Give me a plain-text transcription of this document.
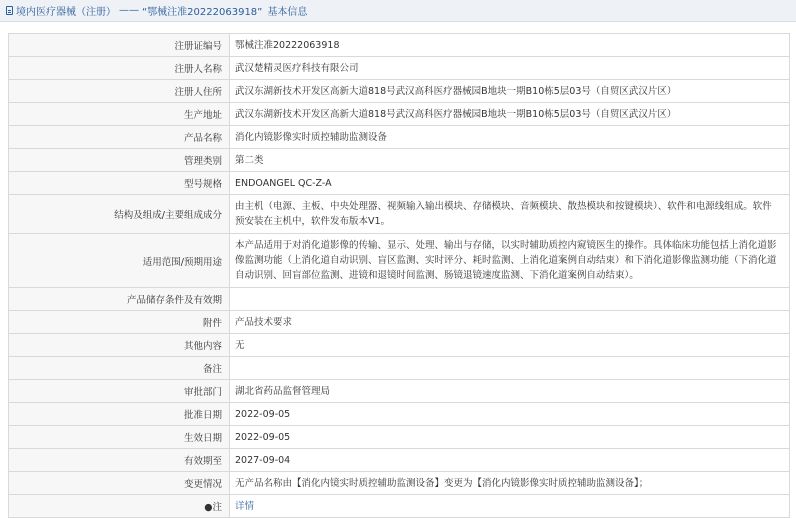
境内医疗器械（注册） —— “鄂械注准20222063918” 基本信息
注册证编号	鄂械注准20222063918
注册人名称	武汉楚精灵医疗科技有限公司
注册人住所	武汉东湖新技术开发区高新大道818号武汉高科医疗器械园B地块一期B10栋5层03号（自贸区武汉片区）
生产地址	武汉东湖新技术开发区高新大道818号武汉高科医疗器械园B地块一期B10栋5层03号（自贸区武汉片区）
产品名称	消化内镜影像实时质控辅助监测设备
管理类别	第二类
型号规格	ENDOANGEL QC-Z-A
结构及组成/主要组成成分	由主机（电源、主板、中央处理器、视频输入输出模块、存储模块、音频模块、散热模块和按键模块）、软件和电源线组成。软件预安装在主机中，软件发布版本V1。
适用范围/预期用途	本产品适用于对消化道影像的传输、显示、处理、输出与存储，以实时辅助质控内窥镜医生的操作。具体临床功能包括上消化道影像监测功能（上消化道自动识别、盲区监测、实时评分、耗时监测、上消化道案例自动结束）和下消化道影像监测功能（下消化道自动识别、回盲部位监测、进镜和退镜时间监测、肠镜退镜速度监测、下消化道案例自动结束）。
产品储存条件及有效期	
附件	产品技术要求
其他内容	无
备注	
审批部门	湖北省药品监督管理局
批准日期	2022-09-05
生效日期	2022-09-05
有效期至	2027-09-04
变更情况	无产品名称由【消化内镜实时质控辅助监测设备】变更为【消化内镜影像实时质控辅助监测设备】；
●注	详情
